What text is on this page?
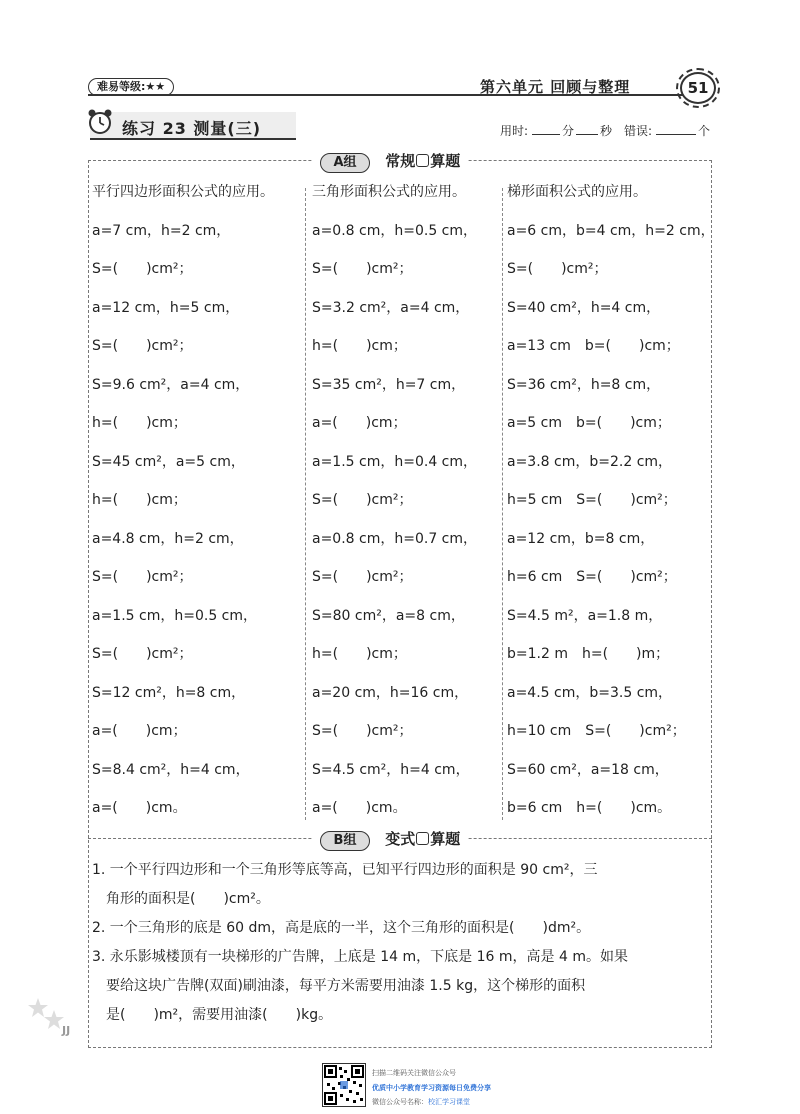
难易等级:★★	第六单元 回顾与整理	51
练习 23 测量(三)	用时:	分 秒 错误:	个
A组 常规 算题
平行四边形面积公式的应用。
a=7 cm，h=2 cm，
S=(　　)cm²；
a=12 cm，h=5 cm，
S=(　　)cm²；
S=9.6 cm²，a=4 cm，
h=(　　)cm；
S=45 cm²，a=5 cm，
h=(　　)cm；
a=4.8 cm，h=2 cm，
S=(　　)cm²；
a=1.5 cm，h=0.5 cm，
S=(　　)cm²；
S=12 cm²，h=8 cm，
a=(　　)cm；
S=8.4 cm²，h=4 cm，
a=(　　)cm。
三角形面积公式的应用。
a=0.8 cm，h=0.5 cm，
S=(　　)cm²；
S=3.2 cm²，a=4 cm，
h=(　　)cm；
S=35 cm²，h=7 cm，
a=(　　)cm；
a=1.5 cm，h=0.4 cm，
S=(　　)cm²；
a=0.8 cm，h=0.7 cm，
S=(　　)cm²；
S=80 cm²，a=8 cm，
h=(　　)cm；
a=20 cm，h=16 cm，
S=(　　)cm²；
S=4.5 cm²，h=4 cm，
a=(　　)cm。
梯形面积公式的应用。
a=6 cm，b=4 cm，h=2 cm，
S=(　　)cm²；
S=40 cm²，h=4 cm，
a=13 cm　b=(　　)cm；
S=36 cm²，h=8 cm，
a=5 cm　b=(　　)cm；
a=3.8 cm，b=2.2 cm，
h=5 cm　S=(　　)cm²；
a=12 cm，b=8 cm，
h=6 cm　S=(　　)cm²；
S=4.5 m²，a=1.8 m，
b=1.2 m　h=(　　)m；
a=4.5 cm，b=3.5 cm，
h=10 cm　S=(　　)cm²；
S=60 cm²，a=18 cm，
b=6 cm　h=(　　)cm。
B组 变式 算题
1. 一个平行四边形和一个三角形等底等高，已知平行四边形的面积是 90 cm²，三
　角形的面积是(　　)cm²。
2. 一个三角形的底是 60 dm，高是底的一半，这个三角形的面积是(　　)dm²。
3. 永乐影城楼顶有一块梯形的广告牌，上底是 14 m，下底是 16 m，高是 4 m。如果
　要给这块广告牌(双面)刷油漆，每平方米需要用油漆 1.5 kg，这个梯形的面积
　是(　　)m²，需要用油漆(　　)kg。
JJ
扫描二维码关注微信公众号
优质中小学教育学习资源每日免费分享
微信公众号名称：校汇学习课堂
